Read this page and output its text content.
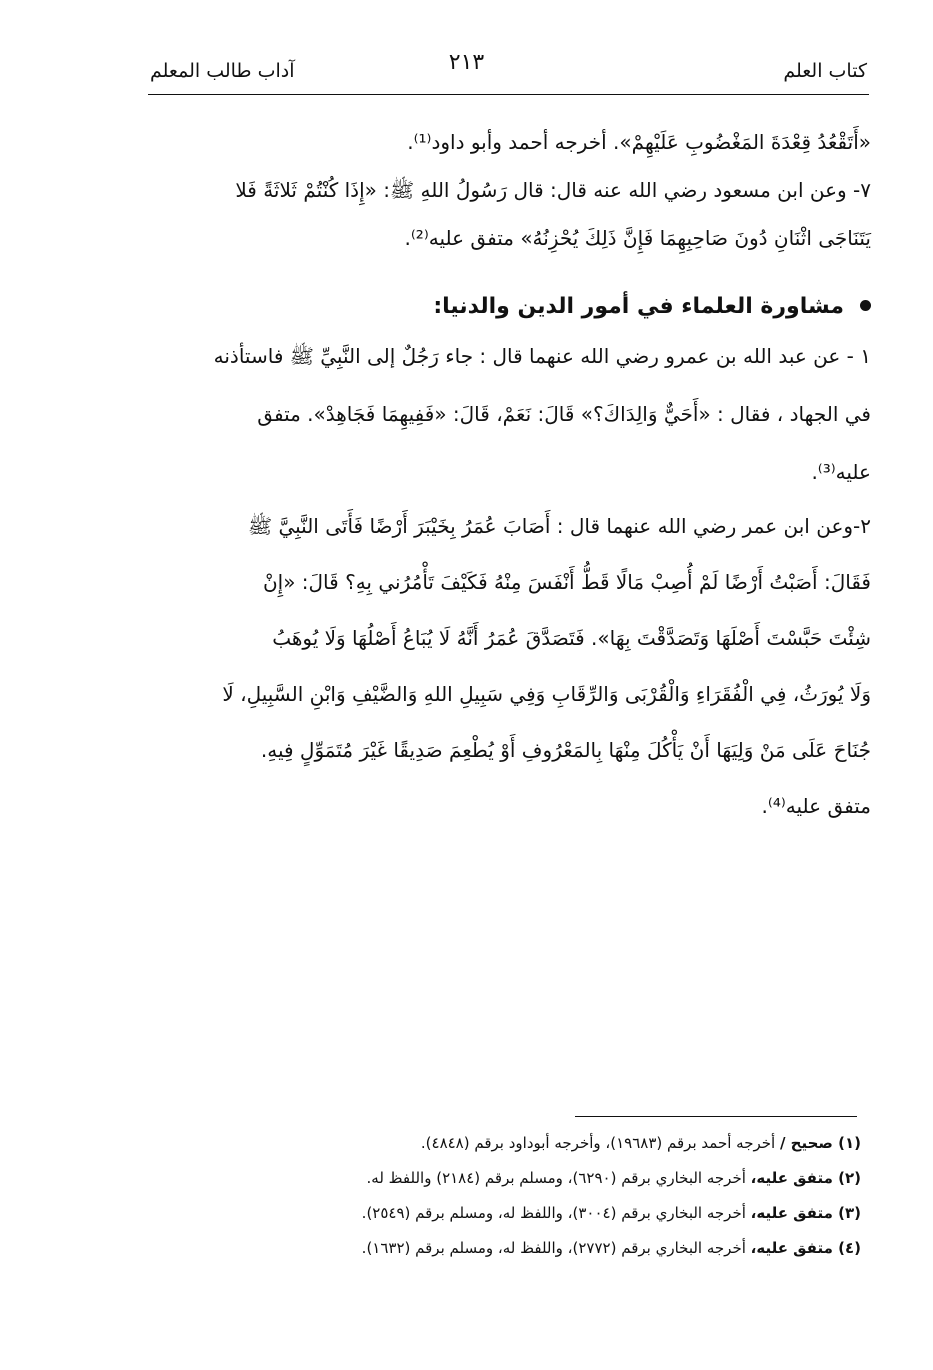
كتاب العلم
٢١٣
آداب طالب المعلم
«أَتَقْعُدُ قِعْدَةَ المَغْضُوبِ عَلَيْهِمْ». أخرجه أحمد وأبو داود⁽¹⁾.
٧- وعن ابن مسعود رضي الله عنه قال: قال رَسُولُ اللهِ ﷺ: «إِذَا كُنْتُمْ ثَلاثَةً فَلا
يَتَنَاجَى اثْنَانِ دُونَ صَاحِبِهِمَا فَإِنَّ ذَلِكَ يُحْزِنُهُ» متفق عليه⁽²⁾.
مشاورة العلماء في أمور الدين والدنيا:
١ - عن عبد الله بن عمرو رضي الله عنهما قال : جاء رَجُلٌ إلى النَّبِيِّ ﷺ فاستأذنه
في الجهاد ، فقال : «أَحَيٌّ وَالِدَاكَ؟» قَالَ: نَعَمْ، قَالَ: «فَفِيهِمَا فَجَاهِدْ». متفق
عليه⁽³⁾.
٢-وعن ابن عمر رضي الله عنهما قال : أَصَابَ عُمَرُ بِخَيْبَرَ أَرْضًا فَأَتَى النَّبِيَّ ﷺ
فَقَالَ: أَصَبْتُ أَرْضًا لَمْ أُصِبْ مَالًا قَطُّ أَنْفَسَ مِنْهُ فَكَيْفَ تَأْمُرُني بِهِ؟ قَالَ: «إِنْ
شِئْتَ حَبَّسْتَ أَصْلَهَا وَتَصَدَّقْتَ بِهَا». فَتَصَدَّقَ عُمَرُ أَنَّهُ لَا يُبَاعُ أَصْلُهَا وَلَا يُوهَبُ
وَلَا يُورَثُ، فِي الْفُقَرَاءِ وَالْقُرْبَى وَالرِّقَابِ وَفِي سَبِيلِ اللهِ وَالضَّيْفِ وَابْنِ السَّبِيلِ، لَا
جُنَاحَ عَلَى مَنْ وَلِيَهَا أَنْ يَأْكُلَ مِنْهَا بِالمَعْرُوفِ أَوْ يُطْعِمَ صَدِيقًا غَيْرَ مُتَمَوِّلٍ فِيهِ.
متفق عليه⁽⁴⁾.
(١) صحيح / أخرجه أحمد برقم (١٩٦٨٣)، وأخرجه أبوداود برقم (٤٨٤٨).
(٢) متفق عليه، أخرجه البخاري برقم (٦٢٩٠)، ومسلم برقم (٢١٨٤) واللفظ له.
(٣) متفق عليه، أخرجه البخاري برقم (٣٠٠٤)، واللفظ له، ومسلم برقم (٢٥٤٩).
(٤) متفق عليه، أخرجه البخاري برقم (٢٧٧٢)، واللفظ له، ومسلم برقم (١٦٣٢).
